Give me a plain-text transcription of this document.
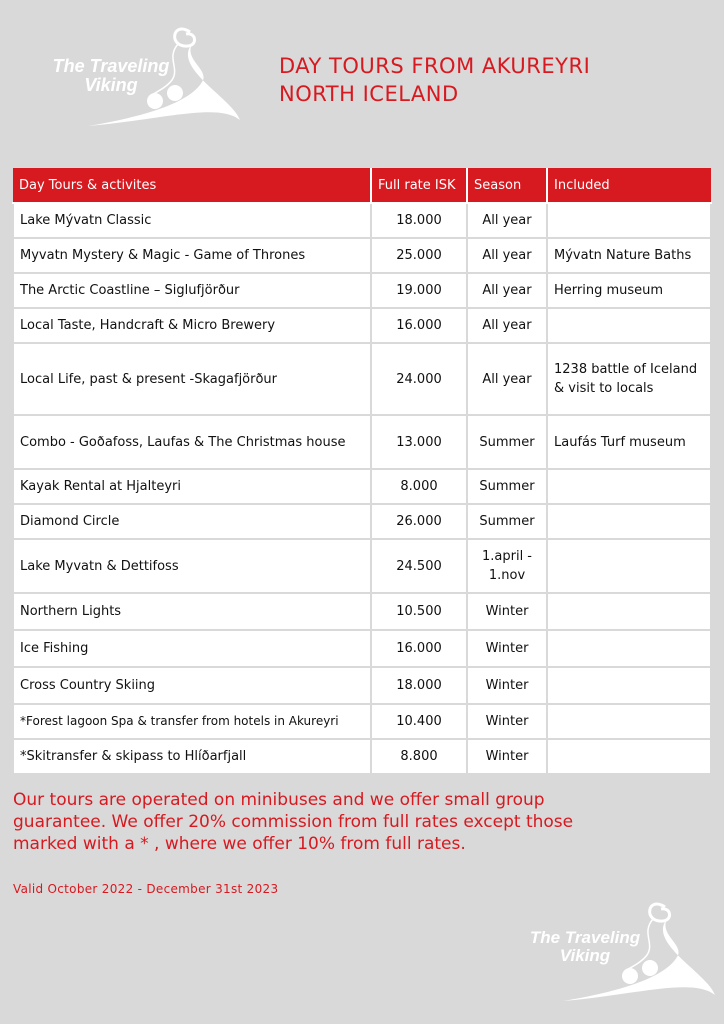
The Traveling
Viking
DAY TOURS FROM AKUREYRI
NORTH ICELAND
Day Tours & activites	Full rate ISK	Season	Included
Lake Mývatn Classic	18.000	All year	
Myvatn Mystery & Magic - Game of Thrones	25.000	All year	Mývatn Nature Baths
The Arctic Coastline – Siglufjörður	19.000	All year	Herring museum
Local Taste, Handcraft & Micro Brewery	16.000	All year	
Local Life, past & present -Skagafjörður	24.000	All year	1238 battle of Iceland & visit to locals
Combo - Goðafoss, Laufas & The Christmas house	13.000	Summer	Laufás Turf museum
Kayak Rental at Hjalteyri	8.000	Summer	
Diamond Circle	26.000	Summer	
Lake Myvatn & Dettifoss	24.500	1.april - 1.nov	
Northern Lights	10.500	Winter	
Ice Fishing	16.000	Winter	
Cross Country Skiing	18.000	Winter	
*Forest lagoon Spa & transfer from hotels in Akureyri	10.400	Winter	
*Skitransfer & skipass to Hlíðarfjall	8.800	Winter	
Our tours are operated on minibuses and we offer small group guarantee. We offer 20% commission from full rates except those marked with a * , where we offer 10% from full rates.
Valid October 2022 - December 31st 2023
The Traveling
Viking
